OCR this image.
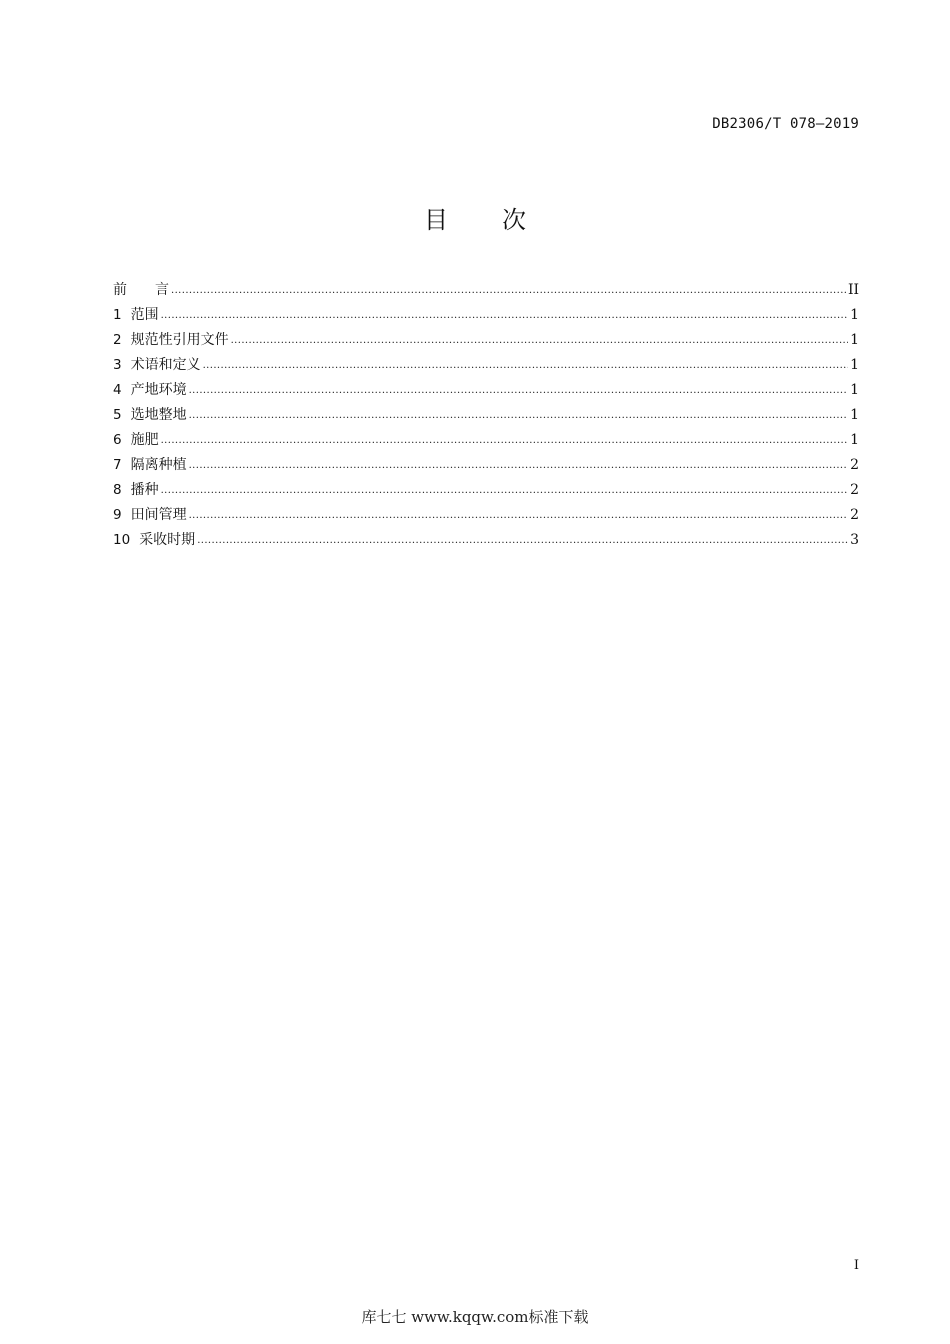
DB2306/T 078—2019
目 次
前　　言 .....	II
1 范围 .....	1
2 规范性引用文件 .....	1
3 术语和定义 .....	1
4 产地环境 .....	1
5 选地整地 .....	1
6 施肥 .....	1
7 隔离种植 .....	2
8 播种 .....	2
9 田间管理 .....	2
10 采收时期 .....	3
I
库七七 www.kqqw.com标准下载
